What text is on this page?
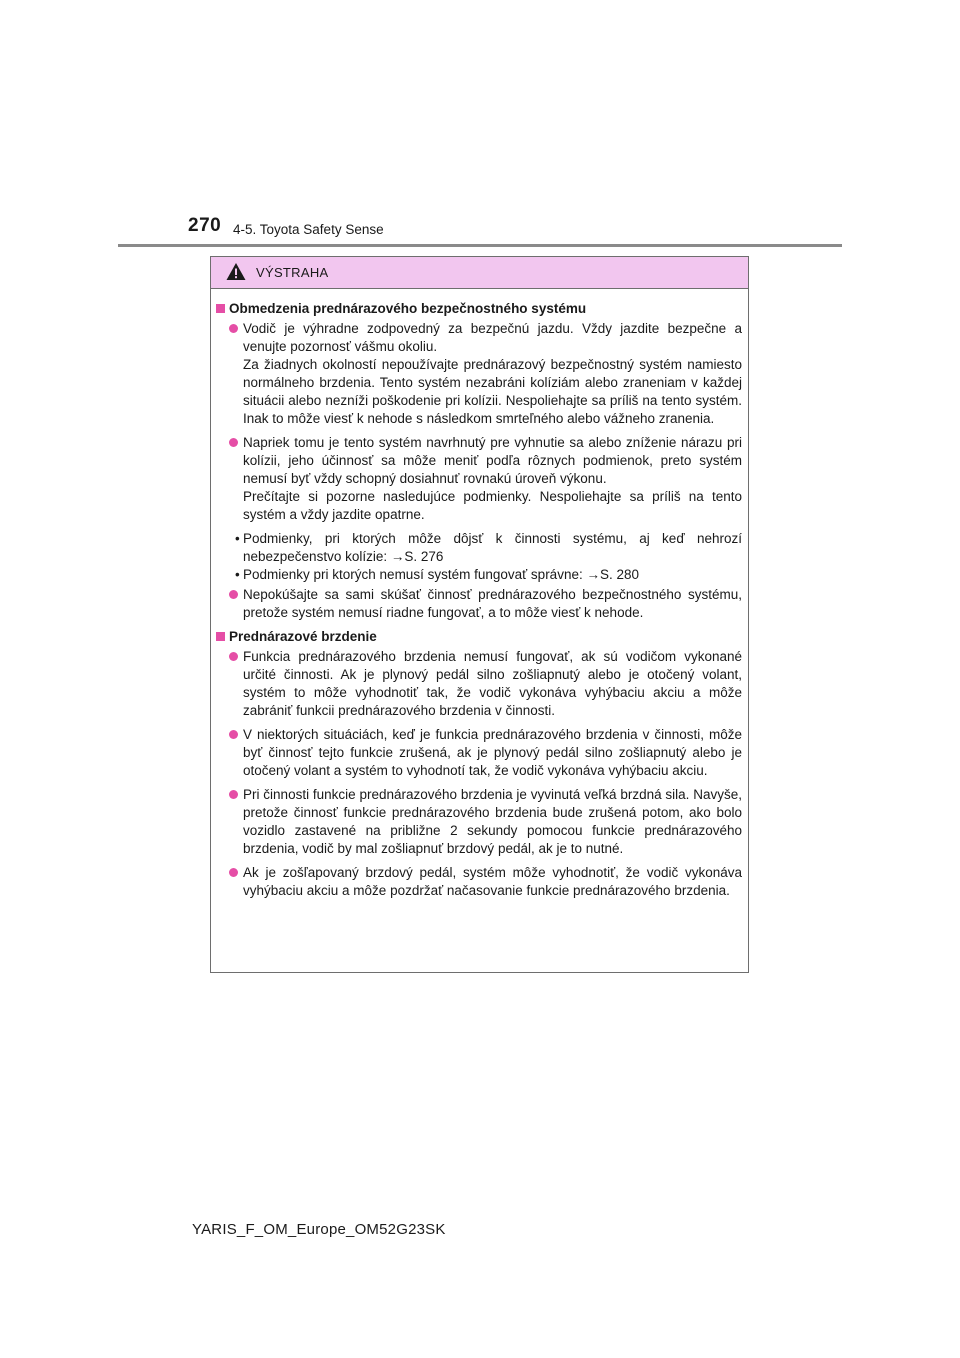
270 4-5. Toyota Safety Sense
VÝSTRAHA
Obmedzenia prednárazového bezpečnostného systému

Vodič je výhradne zodpovedný za bezpečnú jazdu. Vždy jazdite bezpečne a venujte pozornosť vášmu okoliu.

Za žiadnych okolností nepoužívajte prednárazový bezpečnostný systém namiesto normálneho brzdenia. Tento systém nezabráni kolíziám alebo zraneniam v každej situácii alebo nezníži poškodenie pri kolízii. Nespoliehajte sa príliš na tento systém. Inak to môže viesť k nehode s následkom smrteľného alebo vážneho zranenia.

Napriek tomu je tento systém navrhnutý pre vyhnutie sa alebo zníženie nárazu pri kolízii, jeho účinnosť sa môže meniť podľa rôznych podmienok, preto systém nemusí byť vždy schopný dosiahnuť rovnakú úroveň výkonu.

Prečítajte si pozorne nasledujúce podmienky. Nespoliehajte sa príliš na tento systém a vždy jazdite opatrne.

• Podmienky, pri ktorých môže dôjsť k činnosti systému, aj keď nehrozí nebezpečenstvo kolízie: →S. 276
• Podmienky pri ktorých nemusí systém fungovať správne: →S. 280

Nepokúšajte sa sami skúšať činnosť prednárazového bezpečnostného systému, pretože systém nemusí riadne fungovať, a to môže viesť k nehode.

Prednárazové brzdenie

Funkcia prednárazového brzdenia nemusí fungovať, ak sú vodičom vykonané určité činnosti. Ak je plynový pedál silno zošliapnutý alebo je otočený volant, systém to môže vyhodnotiť tak, že vodič vykonáva vyhýbaciu akciu a môže zabrániť funkcii prednárazového brzdenia v činnosti.

V niektorých situáciách, keď je funkcia prednárazového brzdenia v činnosti, môže byť činnosť tejto funkcie zrušená, ak je plynový pedál silno zošliapnutý alebo je otočený volant a systém to vyhodnotí tak, že vodič vykonáva vyhýbaciu akciu.

Pri činnosti funkcie prednárazového brzdenia je vyvinutá veľká brzdná sila. Navyše, pretože činnosť funkcie prednárazového brzdenia bude zrušená potom, ako bolo vozidlo zastavené na približne 2 sekundy pomocou funkcie prednárazového brzdenia, vodič by mal zošliapnuť brzdový pedál, ak je to nutné.

Ak je zošľapovaný brzdový pedál, systém môže vyhodnotiť, že vodič vykonáva vyhýbaciu akciu a môže pozdržať načasovanie funkcie prednárazového brzdenia.

YARIS_F_OM_Europe_OM52G23SK
